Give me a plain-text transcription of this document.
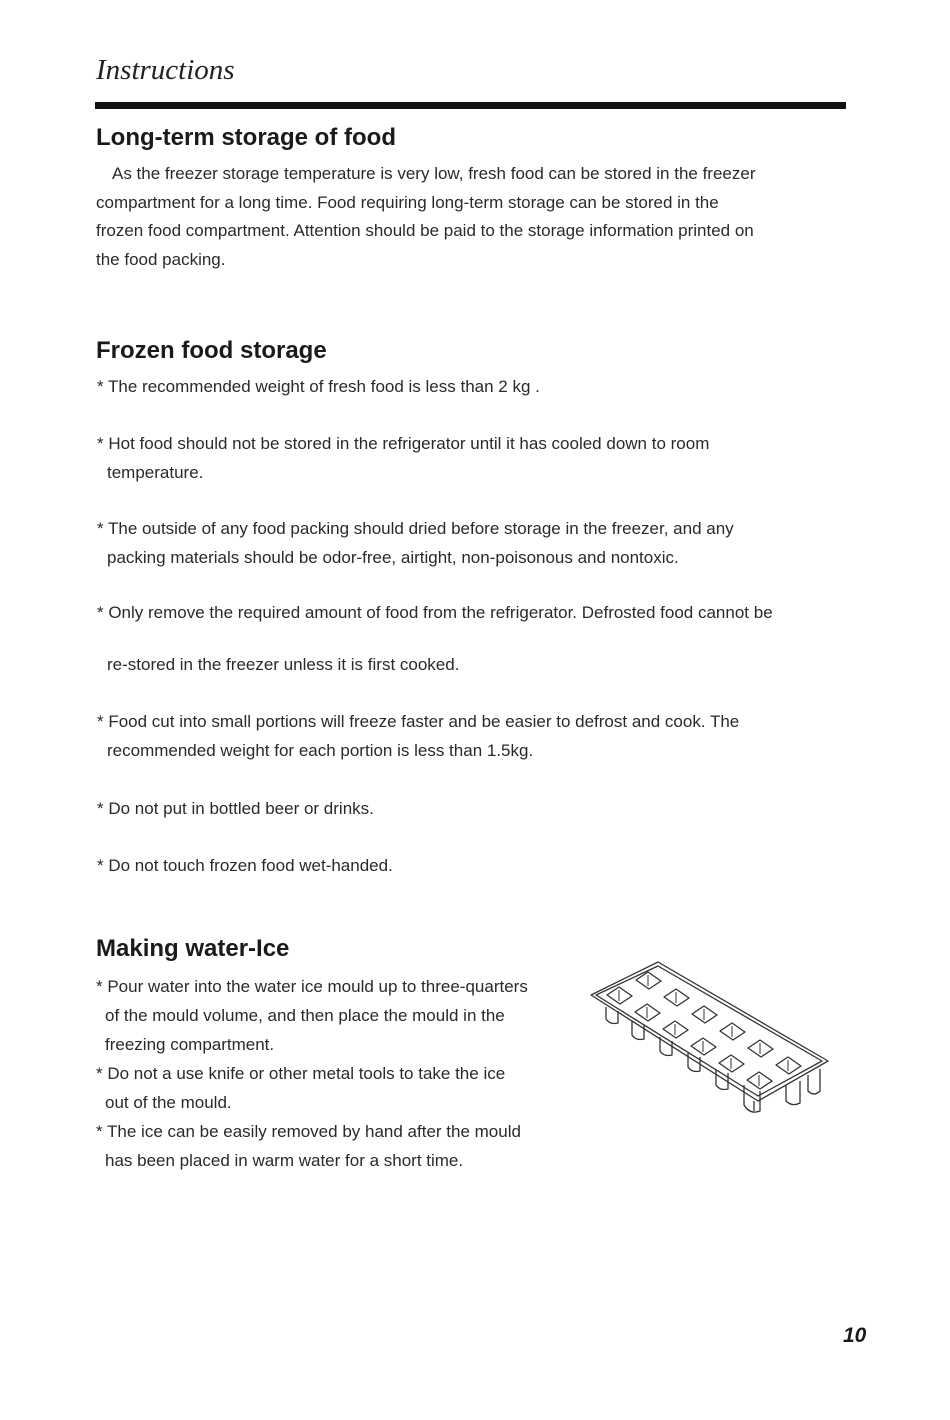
Instructions
Long-term storage of food
As the freezer storage temperature is very low, fresh food can be stored in the freezer
compartment for a long time. Food requiring long-term storage can be stored in the
frozen food compartment. Attention should be paid to the storage information printed on
the food packing.
Frozen food storage
* The recommended weight of fresh food is less than 2 kg .
* Hot food should not be stored in the refrigerator until it has cooled down to room
temperature.
* The outside of any food packing should dried before storage in the freezer, and any
packing materials should be odor-free, airtight, non-poisonous and nontoxic.
* Only remove the required amount of food from the refrigerator. Defrosted food cannot be
re-stored in the freezer unless it is first cooked.
* Food cut into small portions will freeze faster and be easier to defrost and cook. The
recommended weight for each portion is less than 1.5kg.
* Do not put in bottled beer or drinks.
* Do not touch frozen food wet-handed.
Making water-Ice
* Pour water into the water ice mould up to three-quarters
of the mould volume, and then place the mould in the
freezing compartment.
* Do not a use knife or other metal tools to take the ice
out of the mould.
* The ice can be easily removed by hand after the mould
has been placed in warm water for a short time.
10
